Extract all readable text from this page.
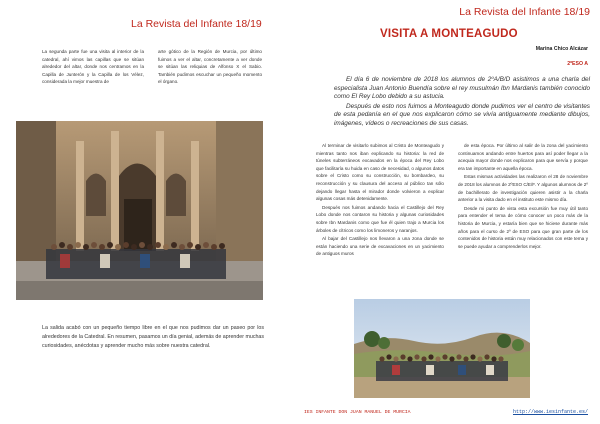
La Revista del Infante 18/19
La segunda parte fue una visita al interior de la catedral, ahí vimos las capillas que se sitúan alrededor del altar, donde nos centramos en la Capilla de Junterón y la Capilla de los Vélez, considerada la mejor muestra de
arte gótico de la Región de Murcia, por último fuimos a ver el altar, concretamente a ver donde se sitúan las reliquias de Alfonso X el Sabio. También pudimos escuchar un pequeño momento el órgano.
La salida acabó con un pequeño tiempo libre en el que nos pudimos dar un paseo por los alrededores de la Catedral. En resumen, pasamos un día genial, además de aprender muchas curiosidades, anécdotas y aprender mucho más sobre nuestra catedral.
La Revista del Infante 18/19
VISITA A MONTEAGUDO
Marina Chico Alcázar
2ºESO A

El día 6 de noviembre de 2018 los alumnos de 2ºA/B/D asistimos a una charla del especialista Juan Antonio Buendía sobre el rey musulmán Ibn Mardanis también conocido como El Rey Lobo debido a su astucia.

Después de esto nos fuimos a Monteagudo donde pudimos ver el centro de visitantes de esta pedanía en el que nos explicaron cómo se vivía antiguamente mediante dibujos, imágenes, vídeos o recreaciones de sus casas.

Al terminar de visitarlo subimos al Cristo de Monteagudo y mientras tanto nos iban explicando su historia: la red de túneles subterráneos excavados en la época del Rey Lobo que facilitaría su huida en caso de necesidad, o algunos datos sobre el Cristo como su construcción, su bombardeo, su reconstrucción y su clausura del acceso al público tan sólo dejando llegar hasta el mirador donde volvieron a explicar algunas cosas más detenidamente.

Después nos fuimos andando hacia el Castillejo del Rey Lobo donde nos contaron su historia y algunas curiosidades sobre Ibn Mardanis como que fue él quien trajo a Murcia los árboles de cítricos como los limoneros y naranjos.

Al bajar del Castillejo nos llevaron a una zona donde se están haciendo una serie de excavaciones en un yacimiento de antiguos muros

de esta época. Por último al salir de la zona del yacimiento continuamos andando entre huertos para así poder llegar a la acequia mayor donde nos explicaron para que servía y porque era tan importante en aquella época.

Estas mismas actividades las realizaron el 28 de noviembre de 2018 los alumnos de 2ºESO C/E/F. Y algunos alumnos de 2º de bachillerato de investigación quieren asistir a la charla anterior a la visita dado en el instituto este mismo día.

Desde mi punto de vista esta excursión fue muy útil tanto para entender el tema de cómo conocer un poco más de la historia de Murcia, y estaría bien que se hiciese durante más años para el curso de 2º de ESO para que gran parte de los contenidos de historia están muy relacionados con este tema y se puede ayudar a comprenderlos mejor.

IES INFANTE DON JUAN MANUEL DE MURCIA	http://www.iesinfante.es/
